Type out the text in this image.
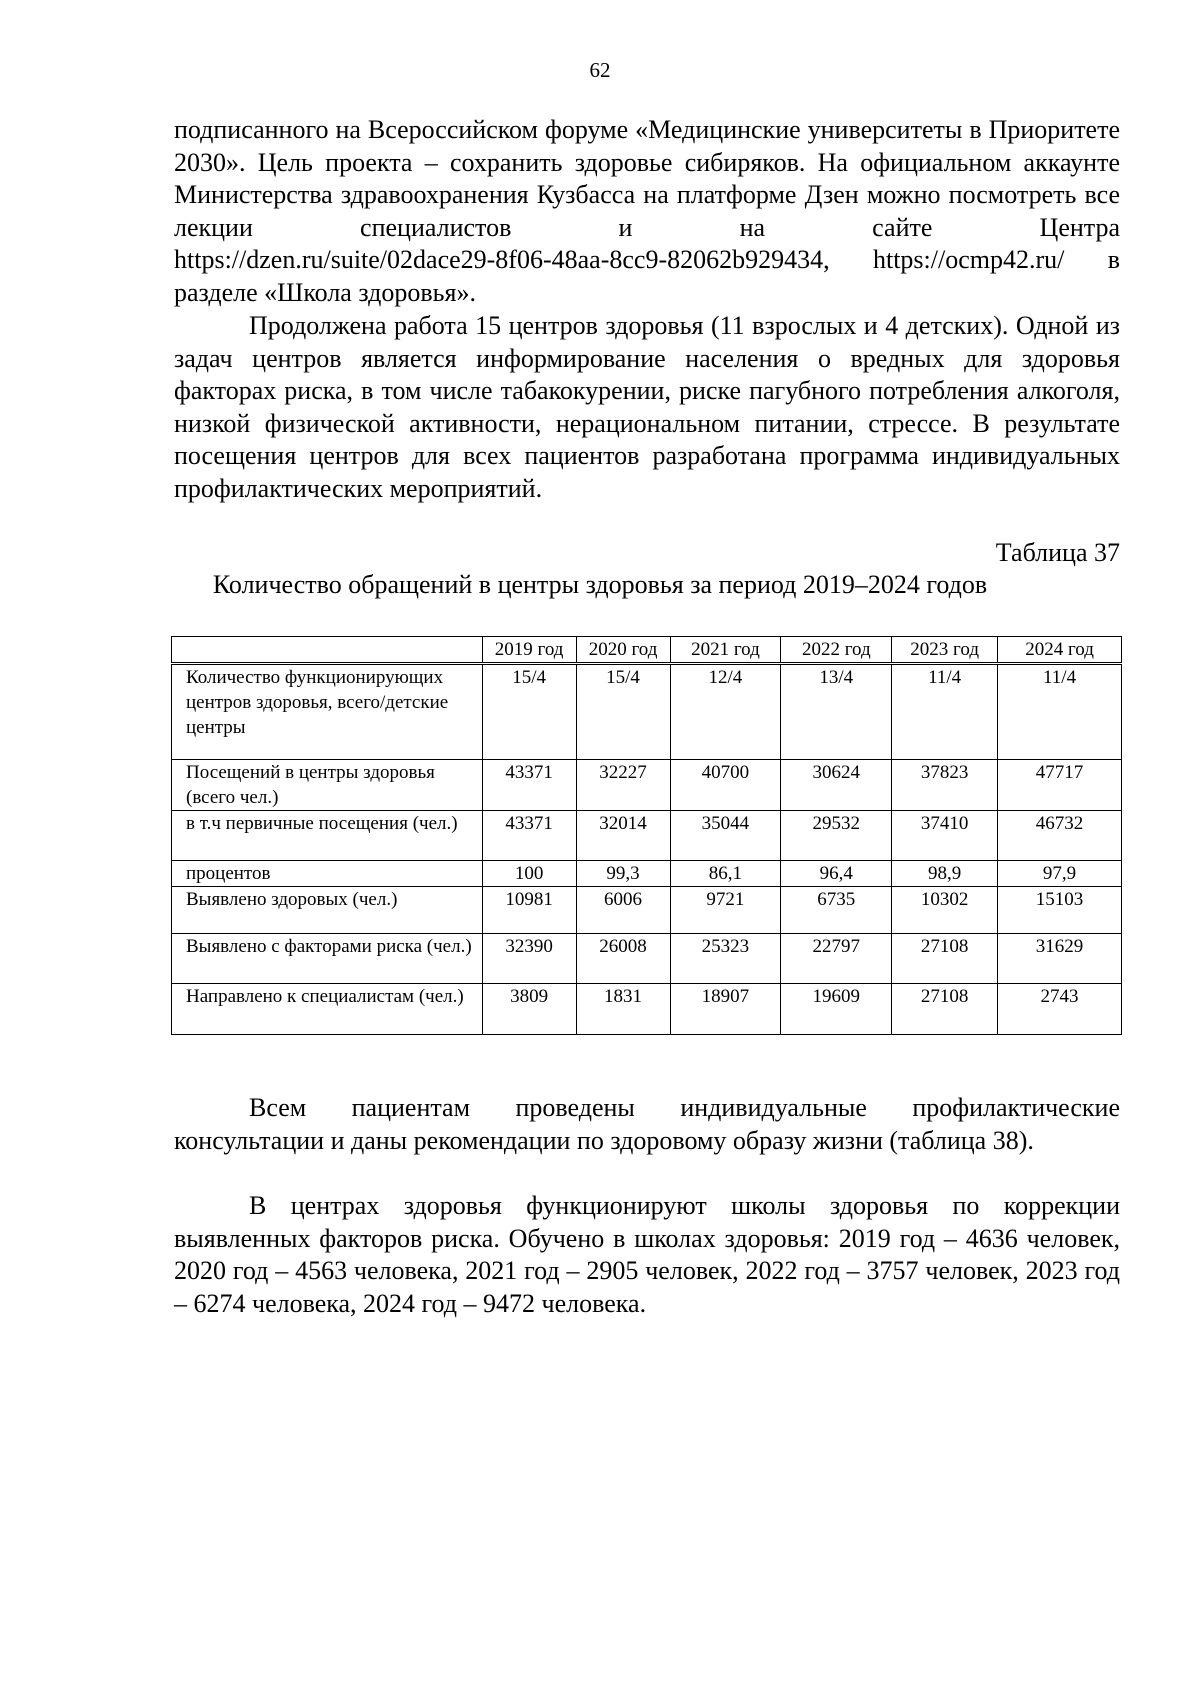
62

подписанного на Всероссийском форуме «Медицинские университеты в Приоритете 2030». Цель проекта – сохранить здоровье сибиряков. На официальном аккаунте Министерства здравоохранения Кузбасса на платформе Дзен можно посмотреть все лекции специалистов и на сайте Центра https://dzen.ru/suite/02dace29-8f06-48aa-8cc9-82062b929434, https://ocmp42.ru/ в разделе «Школа здоровья».

Продолжена работа 15 центров здоровья (11 взрослых и 4 детских). Одной из задач центров является информирование населения о вредных для здоровья факторах риска, в том числе табакокурении, риске пагубного потребления алкоголя, низкой физической активности, нерациональном питании, стрессе. В результате посещения центров для всех пациентов разработана программа индивидуальных профилактических мероприятий.

Таблица 37
Количество обращений в центры здоровья за период 2019–2024 годов
	2019 год	2020 год	2021 год	2022 год	2023 год	2024 год
Количество функционирующих центров здоровья, всего/детские центры	15/4	15/4	12/4	13/4	11/4	11/4
Посещений в центры здоровья (всего чел.)	43371	32227	40700	30624	37823	47717
в т.ч первичные посещения (чел.)	43371	32014	35044	29532	37410	46732
процентов	100	99,3	86,1	96,4	98,9	97,9
Выявлено здоровых (чел.)	10981	6006	9721	6735	10302	15103
Выявлено с факторами риска (чел.)	32390	26008	25323	22797	27108	31629
Направлено к специалистам (чел.)	3809	1831	18907	19609	27108	2743

Всем пациентам проведены индивидуальные профилактические консультации и даны рекомендации по здоровому образу жизни (таблица 38).

В центрах здоровья функционируют школы здоровья по коррекции выявленных факторов риска. Обучено в школах здоровья: 2019 год – 4636 человек, 2020 год – 4563 человека, 2021 год – 2905 человек, 2022 год – 3757 человек, 2023 год – 6274 человека, 2024 год – 9472 человека.
